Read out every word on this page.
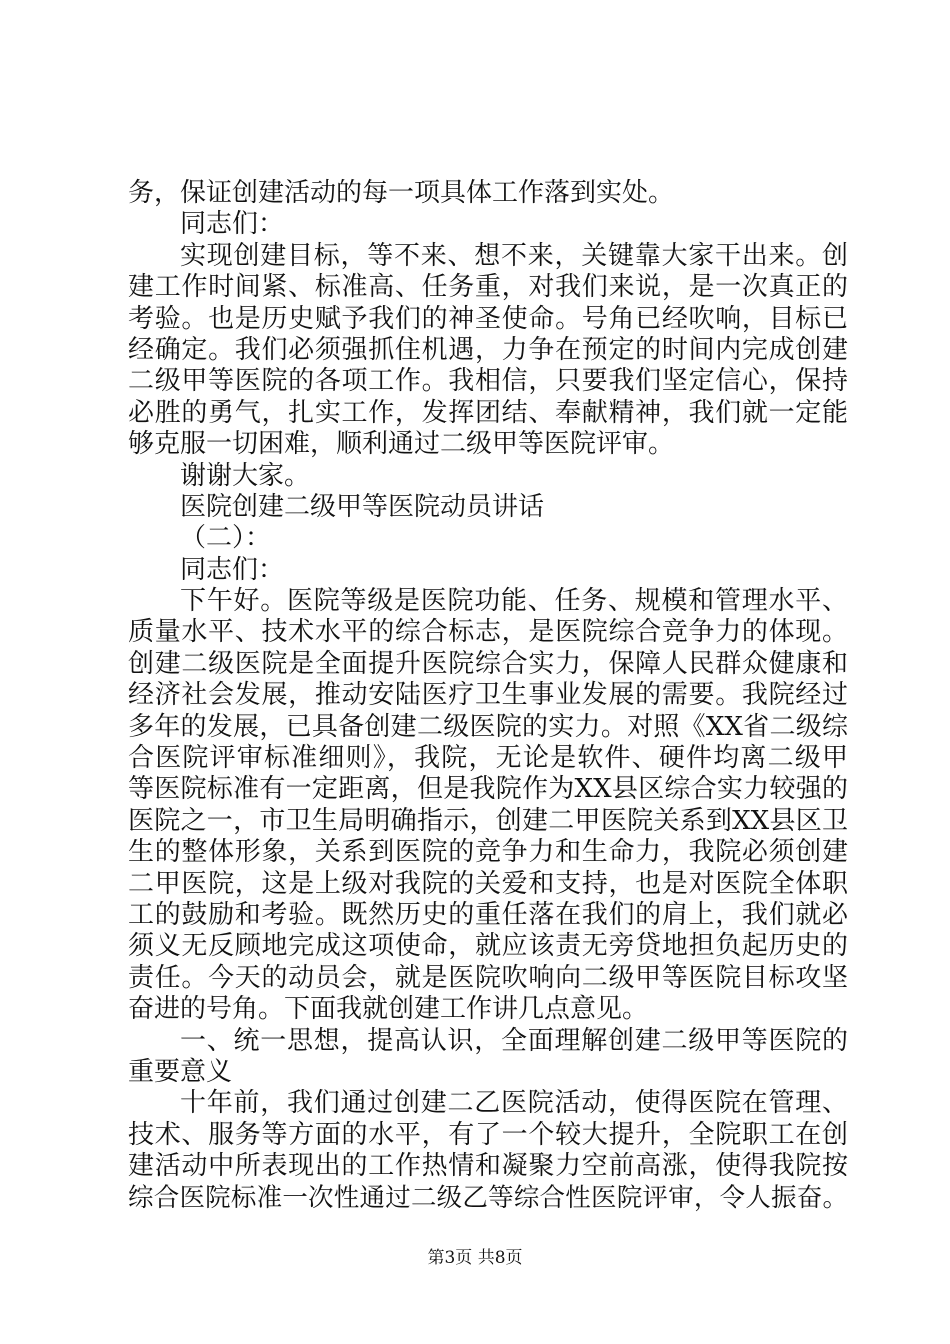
务，保证创建活动的每一项具体工作落到实处。
同志们：
实现创建目标，等不来、想不来，关键靠大家干出来。创
建工作时间紧、标准高、任务重，对我们来说，是一次真正的
考验。也是历史赋予我们的神圣使命。号角已经吹响，目标已
经确定。我们必须强抓住机遇，力争在预定的时间内完成创建
二级甲等医院的各项工作。我相信，只要我们坚定信心，保持
必胜的勇气，扎实工作，发挥团结、奉献精神，我们就一定能
够克服一切困难，顺利通过二级甲等医院评审。
谢谢大家。
医院创建二级甲等医院动员讲话
（二）：
同志们：
下午好。医院等级是医院功能、任务、规模和管理水平、
质量水平、技术水平的综合标志，是医院综合竞争力的体现。
创建二级医院是全面提升医院综合实力，保障人民群众健康和
经济社会发展，推动安陆医疗卫生事业发展的需要。我院经过
多年的发展，已具备创建二级医院的实力。对照《XX省二级综
合医院评审标准细则》，我院，无论是软件、硬件均离二级甲
等医院标准有一定距离，但是我院作为XX县区综合实力较强的
医院之一，市卫生局明确指示，创建二甲医院关系到XX县区卫
生的整体形象，关系到医院的竞争力和生命力，我院必须创建
二甲医院，这是上级对我院的关爱和支持，也是对医院全体职
工的鼓励和考验。既然历史的重任落在我们的肩上，我们就必
须义无反顾地完成这项使命，就应该责无旁贷地担负起历史的
责任。今天的动员会，就是医院吹响向二级甲等医院目标攻坚
奋进的号角。下面我就创建工作讲几点意见。
一、统一思想，提高认识，全面理解创建二级甲等医院的
重要意义
十年前，我们通过创建二乙医院活动，使得医院在管理、
技术、服务等方面的水平，有了一个较大提升，全院职工在创
建活动中所表现出的工作热情和凝聚力空前高涨，使得我院按
综合医院标准一次性通过二级乙等综合性医院评审，令人振奋。
第3页 共8页
